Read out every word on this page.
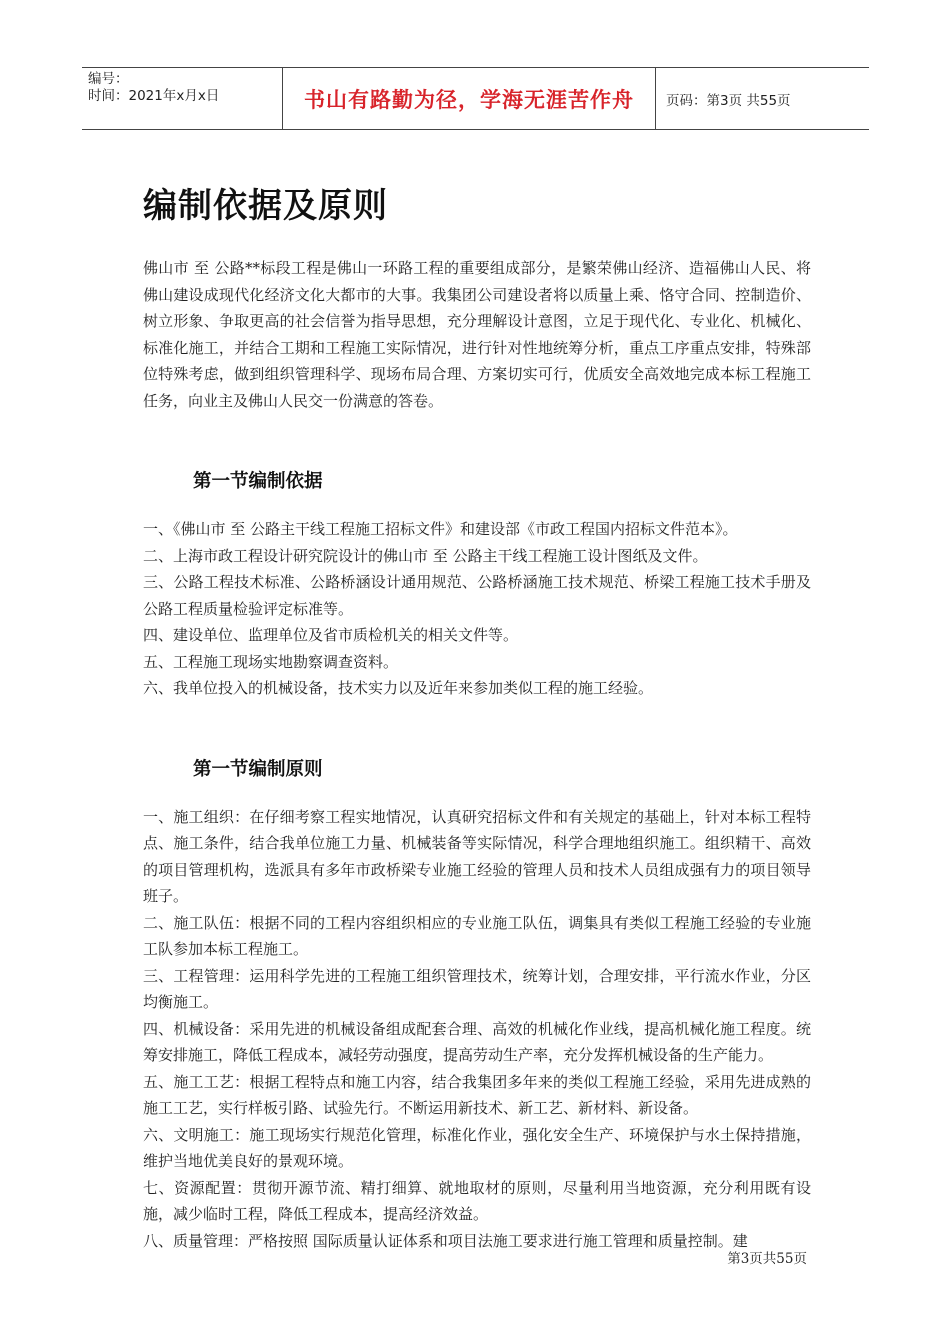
编号：
时间：2021年x月x日	书山有路勤为径，学海无涯苦作舟	页码：第3页 共55页
编制依据及原则

佛山市 至 公路**标段工程是佛山一环路工程的重要组成部分，是繁荣佛山经济、造福佛山人民、将佛山建设成现代化经济文化大都市的大事。我集团公司建设者将以质量上乘、恪守合同、控制造价、树立形象、争取更高的社会信誉为指导思想，充分理解设计意图，立足于现代化、专业化、机械化、标准化施工，并结合工期和工程施工实际情况，进行针对性地统筹分析，重点工序重点安排，特殊部位特殊考虑，做到组织管理科学、现场布局合理、方案切实可行，优质安全高效地完成本标工程施工任务，向业主及佛山人民交一份满意的答卷。

第一节编制依据

一、《佛山市 至 公路主干线工程施工招标文件》和建设部《市政工程国内招标文件范本》。

二、上海市政工程设计研究院设计的佛山市 至 公路主干线工程施工设计图纸及文件。

三、公路工程技术标准、公路桥涵设计通用规范、公路桥涵施工技术规范、桥梁工程施工技术手册及公路工程质量检验评定标准等。

四、建设单位、监理单位及省市质检机关的相关文件等。

五、工程施工现场实地勘察调查资料。

六、我单位投入的机械设备，技术实力以及近年来参加类似工程的施工经验。

第一节编制原则

一、施工组织：在仔细考察工程实地情况，认真研究招标文件和有关规定的基础上，针对本标工程特点、施工条件，结合我单位施工力量、机械装备等实际情况，科学合理地组织施工。组织精干、高效的项目管理机构，选派具有多年市政桥梁专业施工经验的管理人员和技术人员组成强有力的项目领导班子。

二、施工队伍：根据不同的工程内容组织相应的专业施工队伍，调集具有类似工程施工经验的专业施工队参加本标工程施工。

三、工程管理：运用科学先进的工程施工组织管理技术，统筹计划，合理安排，平行流水作业，分区均衡施工。

四、机械设备：采用先进的机械设备组成配套合理、高效的机械化作业线，提高机械化施工程度。统筹安排施工，降低工程成本，减轻劳动强度，提高劳动生产率，充分发挥机械设备的生产能力。

五、施工工艺：根据工程特点和施工内容，结合我集团多年来的类似工程施工经验，采用先进成熟的施工工艺，实行样板引路、试验先行。不断运用新技术、新工艺、新材料、新设备。

六、文明施工：施工现场实行规范化管理，标准化作业，强化安全生产、环境保护与水土保持措施，维护当地优美良好的景观环境。

七、资源配置：贯彻开源节流、精打细算、就地取材的原则，尽量利用当地资源，充分利用既有设施，减少临时工程，降低工程成本，提高经济效益。

八、质量管理：严格按照 国际质量认证体系和项目法施工要求进行施工管理和质量控制。建

第3页共55页
